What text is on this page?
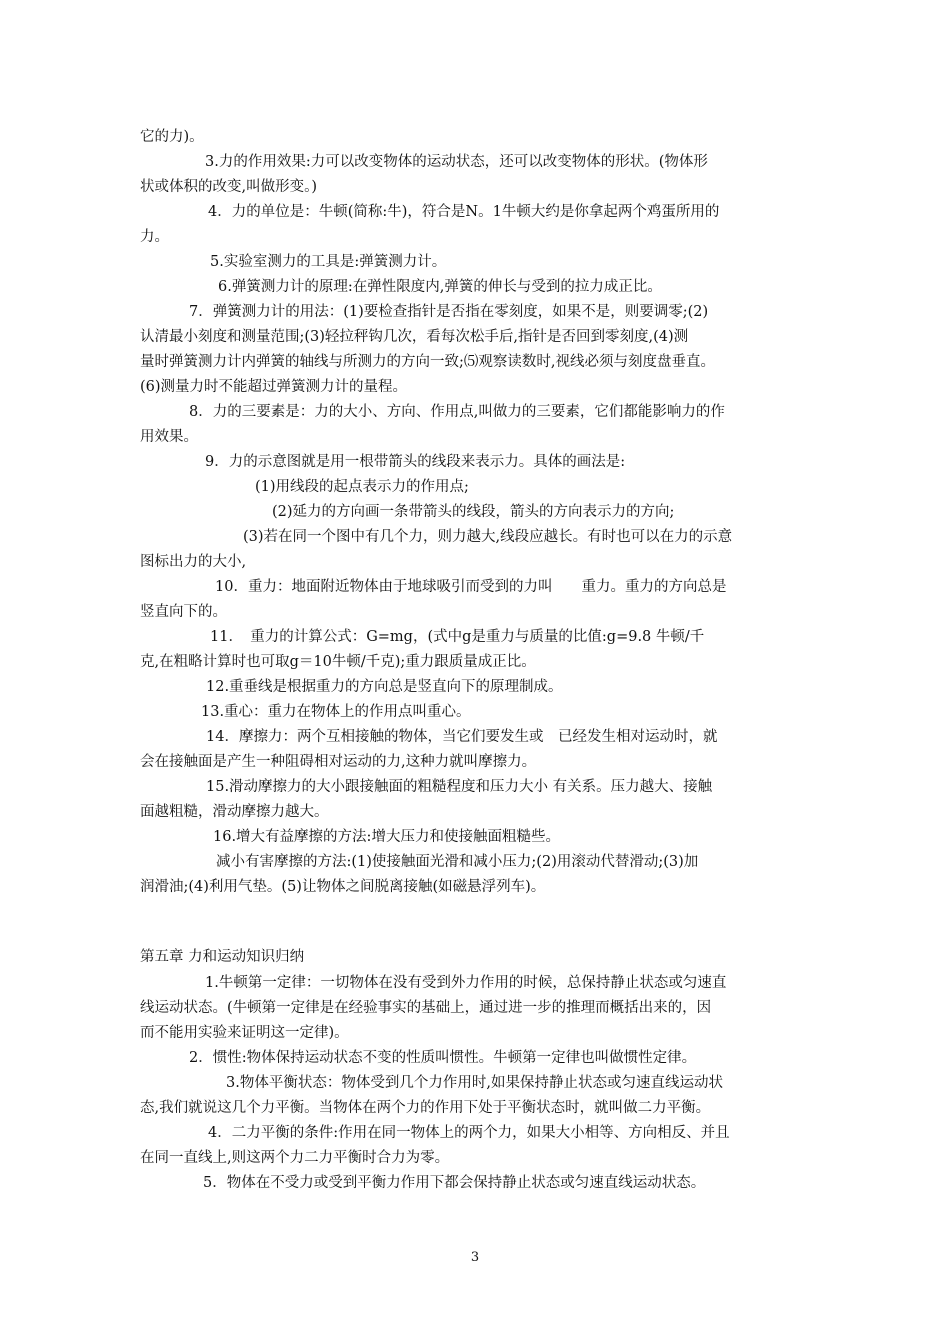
它的力)。
3.力的作用效果:力可以改变物体的运动状态，还可以改变物体的形状。(物体形
状或体积的改变,叫做形变。)
4．力的单位是：牛顿(简称:牛)，符合是N。1牛顿大约是你拿起两个鸡蛋所用的
力。
5.实验室测力的工具是:弹簧测力计。
6.弹簧测力计的原理:在弹性限度内,弹簧的伸长与受到的拉力成正比。
7．弹簧测力计的用法：(1)要检查指针是否指在零刻度，如果不是，则要调零;(2)
认清最小刻度和测量范围;(3)轻拉秤钩几次，看每次松手后,指针是否回到零刻度,(4)测
量时弹簧测力计内弹簧的轴线与所测力的方向一致;⑸观察读数时,视线必须与刻度盘垂直。
(6)测量力时不能超过弹簧测力计的量程。
8．力的三要素是：力的大小、方向、作用点,叫做力的三要素，它们都能影响力的作
用效果。
9．力的示意图就是用一根带箭头的线段来表示力。具体的画法是:
(1)用线段的起点表示力的作用点;
(2)延力的方向画一条带箭头的线段，箭头的方向表示力的方向;
(3)若在同一个图中有几个力，则力越大,线段应越长。有时也可以在力的示意
图标出力的大小,
10．重力：地面附近物体由于地球吸引而受到的力叫　　重力。重力的方向总是
竖直向下的。
11．　重力的计算公式：G=mg，(式中g是重力与质量的比值:g=9.8 牛顿/千
克,在粗略计算时也可取g＝10牛顿/千克);重力跟质量成正比。
12.重垂线是根据重力的方向总是竖直向下的原理制成。
13.重心：重力在物体上的作用点叫重心。
14．摩擦力：两个互相接触的物体，当它们要发生或　已经发生相对运动时，就
会在接触面是产生一种阻碍相对运动的力,这种力就叫摩擦力。
15.滑动摩擦力的大小跟接触面的粗糙程度和压力大小 有关系。压力越大、接触
面越粗糙，滑动摩擦力越大。
16.增大有益摩擦的方法:增大压力和使接触面粗糙些。
减小有害摩擦的方法:(1)使接触面光滑和减小压力;(2)用滚动代替滑动;(3)加
润滑油;(4)利用气垫。(5)让物体之间脱离接触(如磁悬浮列车)。
第五章 力和运动知识归纳
1.牛顿第一定律：一切物体在没有受到外力作用的时候，总保持静止状态或匀速直
线运动状态。(牛顿第一定律是在经验事实的基础上，通过进一步的推理而概括出来的，因
而不能用实验来证明这一定律)。
2．惯性:物体保持运动状态不变的性质叫惯性。牛顿第一定律也叫做惯性定律。
3.物体平衡状态：物体受到几个力作用时,如果保持静止状态或匀速直线运动状
态,我们就说这几个力平衡。当物体在两个力的作用下处于平衡状态时，就叫做二力平衡。
4．二力平衡的条件:作用在同一物体上的两个力，如果大小相等、方向相反、并且
在同一直线上,则这两个力二力平衡时合力为零。
5．物体在不受力或受到平衡力作用下都会保持静止状态或匀速直线运动状态。
3
